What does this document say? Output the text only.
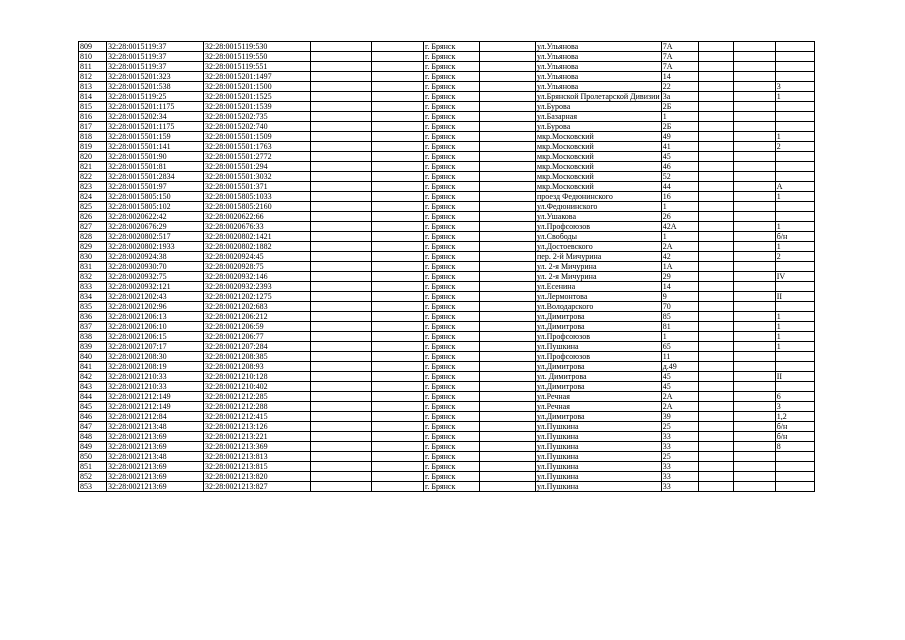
809	32:28:0015119:37	32:28:0015119:530			г. Брянск		ул.Ульянова	7А			
810	32:28:0015119:37	32:28:0015119:550			г. Брянск		ул.Ульянова	7А			
811	32:28:0015119:37	32:28:0015119:551			г. Брянск		ул.Ульянова	7А			
812	32:28:0015201:323	32:28:0015201:1497			г. Брянск		ул.Ульянова	14			
813	32:28:0015201:538	32:28:0015201:1500			г. Брянск		ул.Ульянова	22			3
814	32:28:0015119:25	32:28:0015201:1525			г. Брянск		ул.Брянской Пролетарской Дивизии	3а			1
815	32:28:0015201:1175	32:28:0015201:1539			г. Брянск		ул.Бурова	2Б			
816	32:28:0015202:34	32:28:0015202:735			г. Брянск		ул.Базарная	1			
817	32:28:0015201:1175	32:28:0015202:740			г. Брянск		ул.Бурова	2Б			
818	32:28:0015501:159	32:28:0015501:1509			г. Брянск		мкр.Московский	49			1
819	32:28:0015501:141	32:28:0015501:1763			г. Брянск		мкр.Московский	41			2
820	32:28:0015501:90	32:28:0015501:2772			г. Брянск		мкр.Московский	45			
821	32:28:0015501:81	32:28:0015501:294			г. Брянск		мкр.Московский	46			
822	32:28:0015501:2834	32:28:0015501:3032			г. Брянск		мкр.Московский	52			
823	32:28:0015501:97	32:28:0015501:371			г. Брянск		мкр.Московский	44			А
824	32:28:0015805:150	32:28:0015805:1033			г. Брянск		проезд Федюнинского	16			1
825	32:28:0015805:102	32:28:0015805:2160			г. Брянск		ул.Федюнинского	1			
826	32:28:0020622:42	32:28:0020622:66			г. Брянск		ул.Ушакова	26			
827	32:28:0020676:29	32:28:0020676:33			г. Брянск		ул.Профсоюзов	42А			1
828	32:28:0020802:517	32:28:0020802:1421			г. Брянск		ул.Свободы	1			б/н
829	32:28:0020802:1933	32:28:0020802:1882			г. Брянск		ул.Достоевского	2А			1
830	32:28:0020924:38	32:28:0020924:45			г. Брянск		пер. 2-й Мичурина	42			2
831	32:28:0020930:70	32:28:0020928:75			г. Брянск		ул. 2-я Мичурина	1А			
832	32:28:0020932:75	32:28:0020932:146			г. Брянск		ул. 2-я Мичурина	29			IV
833	32:28:0020932:121	32:28:0020932:2393			г. Брянск		ул.Есенина	14			
834	32:28:0021202:43	32:28:0021202:1275			г. Брянск		ул.Лермонтова	9			II
835	32:28:0021202:96	32:28:0021202:683			г. Брянск		ул.Володарского	70			
836	32:28:0021206:13	32:28:0021206:212			г. Брянск		ул.Димитрова	85			1
837	32:28:0021206:10	32:28:0021206:59			г. Брянск		ул.Димитрова	81			1
838	32:28:0021206:15	32:28:0021206:77			г. Брянск		ул.Профсоюзов	1			1
839	32:28:0021207:17	32:28:0021207:284			г. Брянск		ул.Пушкина	65			1
840	32:28:0021208:30	32:28:0021208:385			г. Брянск		ул.Профсоюзов	11			
841	32:28:0021208:19	32:28:0021208:93			г. Брянск		ул.Димитрова	д.49			
842	32:28:0021210:33	32:28:0021210:128			г. Брянск		ул. Димитрова	45			II
843	32:28:0021210:33	32:28:0021210:402			г. Брянск		ул.Димитрова	45			
844	32:28:0021212:149	32:28:0021212:285			г. Брянск		ул.Речная	2А			6
845	32:28:0021212:149	32:28:0021212:288			г. Брянск		ул.Речная	2А			3
846	32:28:0021212:84	32:28:0021212:415			г. Брянск		ул.Димитрова	39			1,2
847	32:28:0021213:48	32:28:0021213:126			г. Брянск		ул.Пушкина	25			б/н
848	32:28:0021213:69	32:28:0021213:221			г. Брянск		ул.Пушкина	33			б/н
849	32:28:0021213:69	32:28:0021213:369			г. Брянск		ул.Пушкина	33			8
850	32:28:0021213:48	32:28:0021213:813			г. Брянск		ул.Пушкина	25			
851	32:28:0021213:69	32:28:0021213:815			г. Брянск		ул.Пушкина	33			
852	32:28:0021213:69	32:28:0021213:820			г. Брянск		ул.Пушкина	33			
853	32:28:0021213:69	32:28:0021213:827			г. Брянск		ул.Пушкина	33			
